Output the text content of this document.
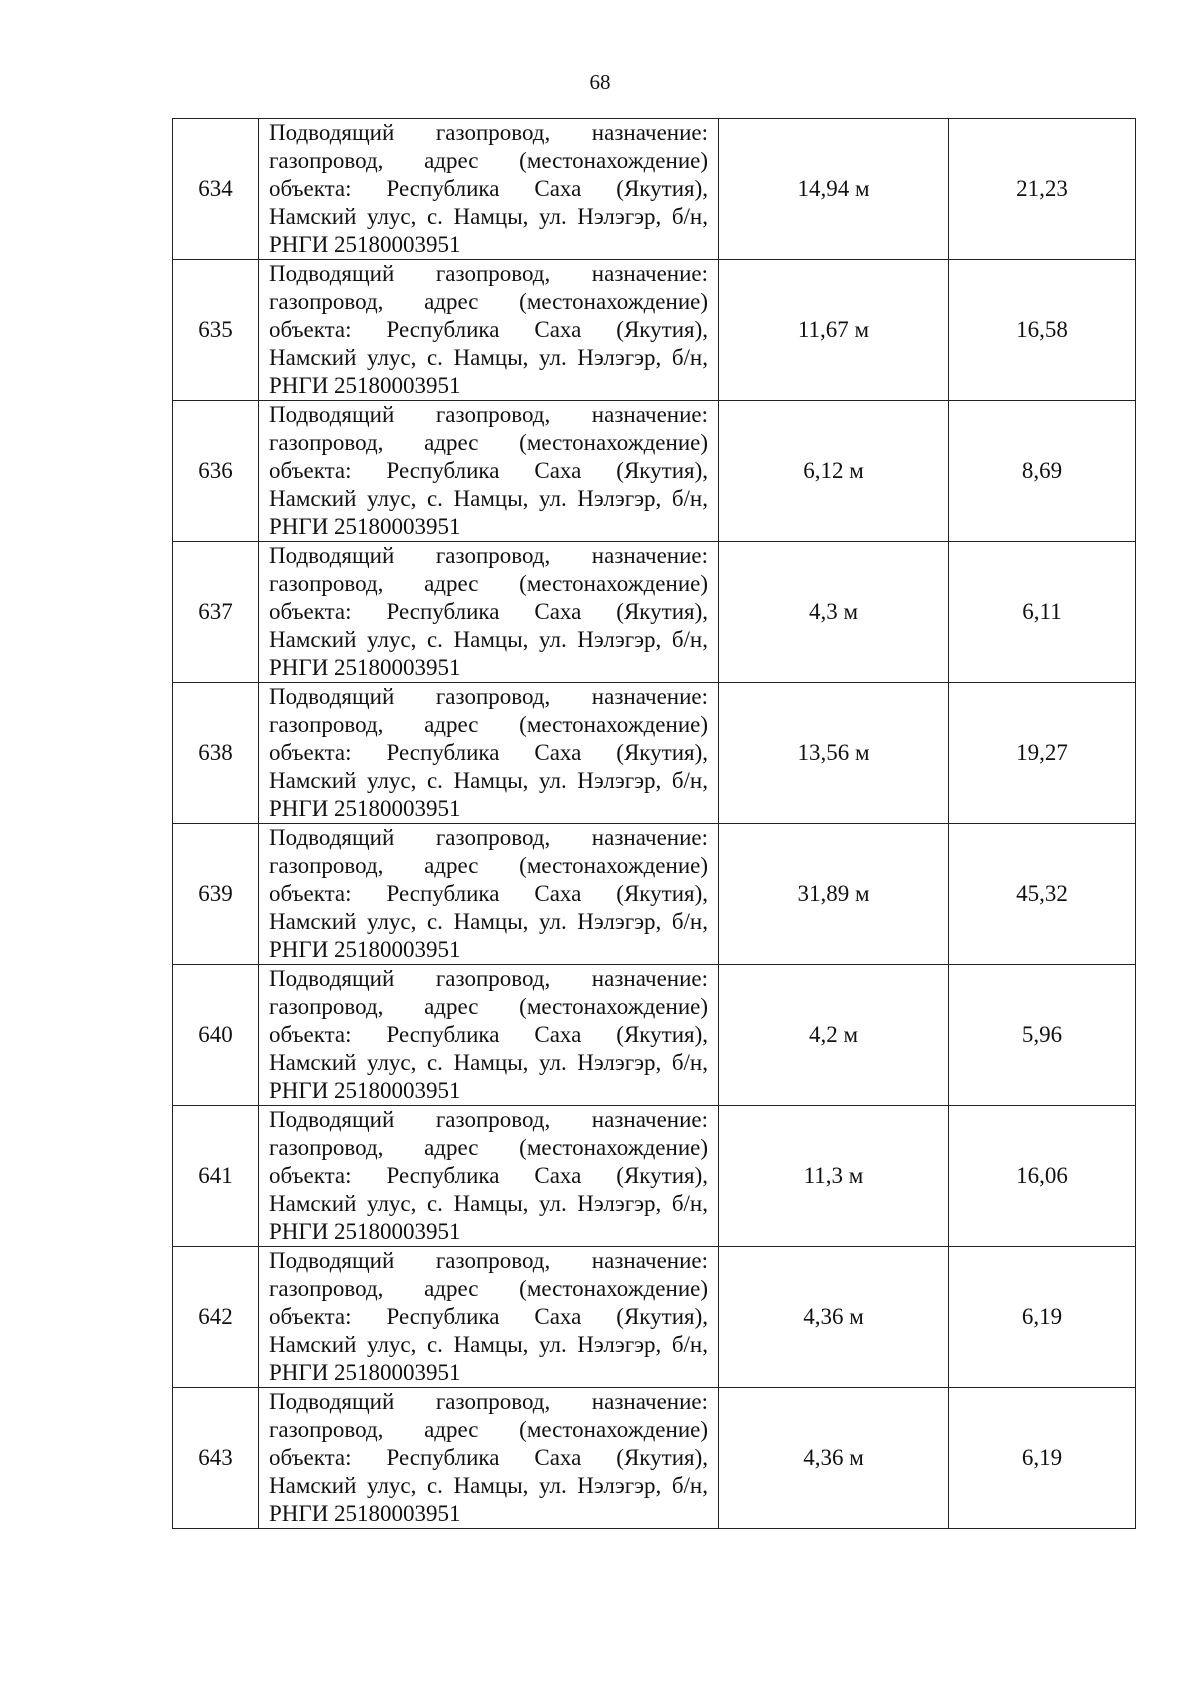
68
634	Подводящий газопровод, назначение:
газопровод, адрес (местонахождение)
объекта: Республика Саха (Якутия),
Намский улус, с. Намцы, ул. Нэлэгэр, б/н,
РНГИ 25180003951	14,94 м	21,23
635	Подводящий газопровод, назначение:
газопровод, адрес (местонахождение)
объекта: Республика Саха (Якутия),
Намский улус, с. Намцы, ул. Нэлэгэр, б/н,
РНГИ 25180003951	11,67 м	16,58
636	Подводящий газопровод, назначение:
газопровод, адрес (местонахождение)
объекта: Республика Саха (Якутия),
Намский улус, с. Намцы, ул. Нэлэгэр, б/н,
РНГИ 25180003951	6,12 м	8,69
637	Подводящий газопровод, назначение:
газопровод, адрес (местонахождение)
объекта: Республика Саха (Якутия),
Намский улус, с. Намцы, ул. Нэлэгэр, б/н,
РНГИ 25180003951	4,3 м	6,11
638	Подводящий газопровод, назначение:
газопровод, адрес (местонахождение)
объекта: Республика Саха (Якутия),
Намский улус, с. Намцы, ул. Нэлэгэр, б/н,
РНГИ 25180003951	13,56 м	19,27
639	Подводящий газопровод, назначение:
газопровод, адрес (местонахождение)
объекта: Республика Саха (Якутия),
Намский улус, с. Намцы, ул. Нэлэгэр, б/н,
РНГИ 25180003951	31,89 м	45,32
640	Подводящий газопровод, назначение:
газопровод, адрес (местонахождение)
объекта: Республика Саха (Якутия),
Намский улус, с. Намцы, ул. Нэлэгэр, б/н,
РНГИ 25180003951	4,2 м	5,96
641	Подводящий газопровод, назначение:
газопровод, адрес (местонахождение)
объекта: Республика Саха (Якутия),
Намский улус, с. Намцы, ул. Нэлэгэр, б/н,
РНГИ 25180003951	11,3 м	16,06
642	Подводящий газопровод, назначение:
газопровод, адрес (местонахождение)
объекта: Республика Саха (Якутия),
Намский улус, с. Намцы, ул. Нэлэгэр, б/н,
РНГИ 25180003951	4,36 м	6,19
643	Подводящий газопровод, назначение:
газопровод, адрес (местонахождение)
объекта: Республика Саха (Якутия),
Намский улус, с. Намцы, ул. Нэлэгэр, б/н,
РНГИ 25180003951	4,36 м	6,19
